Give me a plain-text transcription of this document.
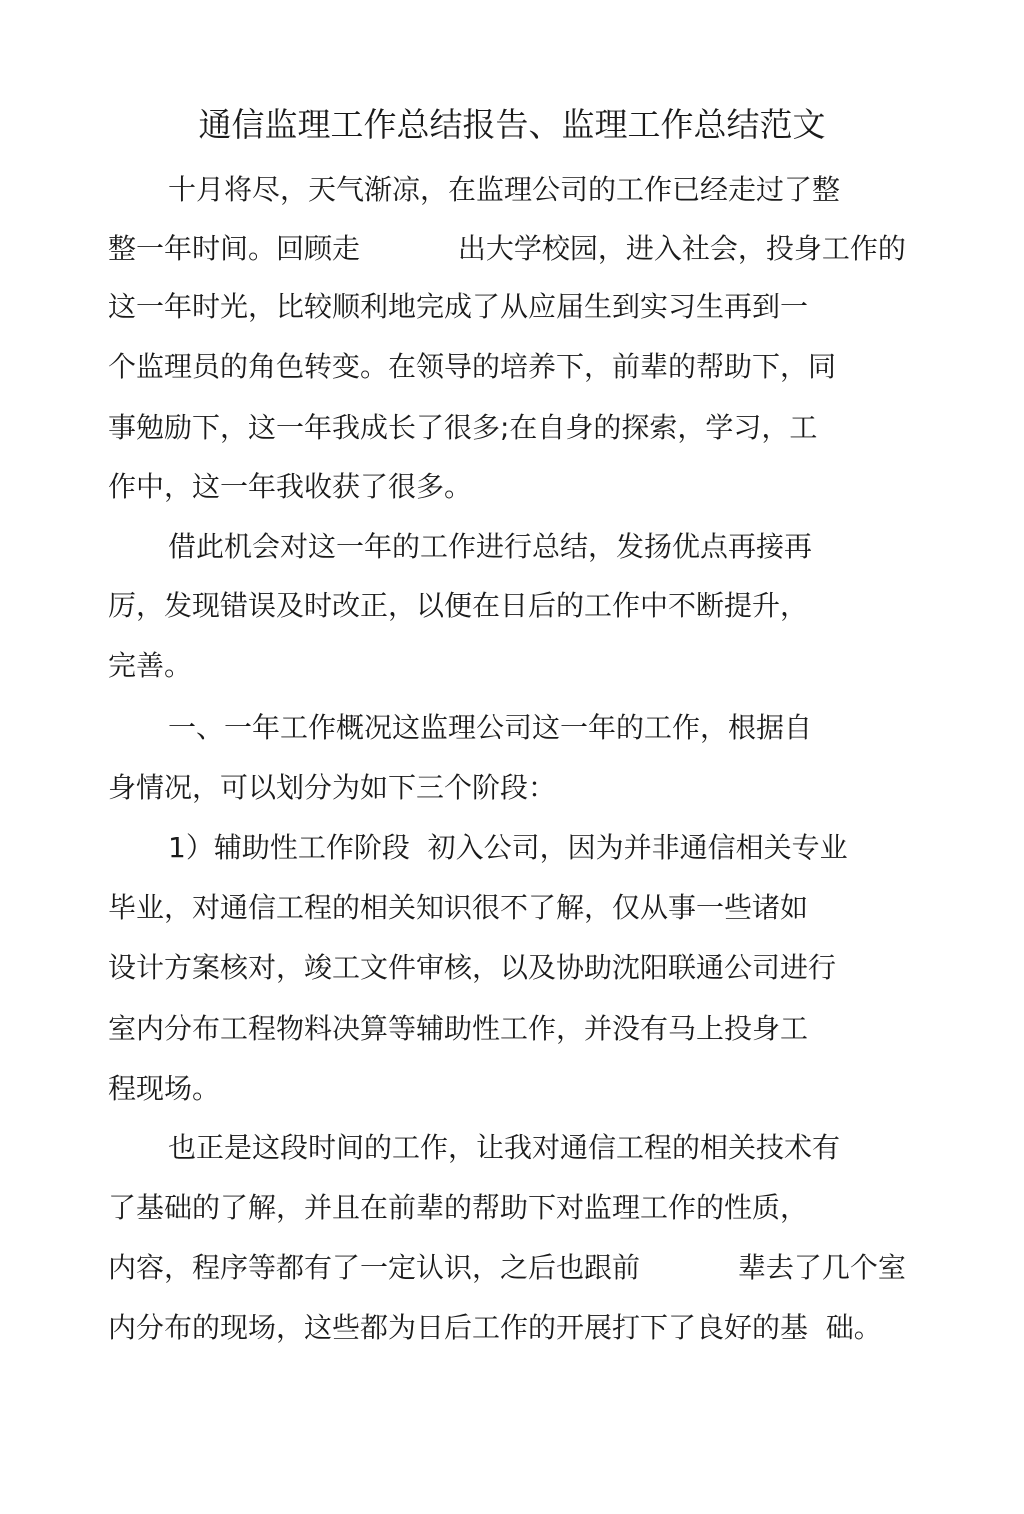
通信监理工作总结报告、监理工作总结范文
十月将尽，天气渐凉，在监理公司的工作已经走过了整
整一年时间。回顾走           出大学校园，进入社会，投身工作的
这一年时光，比较顺利地完成了从应届生到实习生再到一
个监理员的角色转变。在领导的培养下，前辈的帮助下，同
事勉励下，这一年我成长了很多;在自身的探索，学习，工
作中，这一年我收获了很多。
借此机会对这一年的工作进行总结，发扬优点再接再
厉，发现错误及时改正，以便在日后的工作中不断提升，
完善。
一、一年工作概况这监理公司这一年的工作，根据自
身情况，可以划分为如下三个阶段：
1）辅助性工作阶段  初入公司，因为并非通信相关专业
毕业，对通信工程的相关知识很不了解，仅从事一些诸如
设计方案核对，竣工文件审核，以及协助沈阳联通公司进行
室内分布工程物料决算等辅助性工作，并没有马上投身工
程现场。
也正是这段时间的工作，让我对通信工程的相关技术有
了基础的了解，并且在前辈的帮助下对监理工作的性质，
内容，程序等都有了一定认识，之后也跟前           辈去了几个室
内分布的现场，这些都为日后工作的开展打下了良好的基  础。
